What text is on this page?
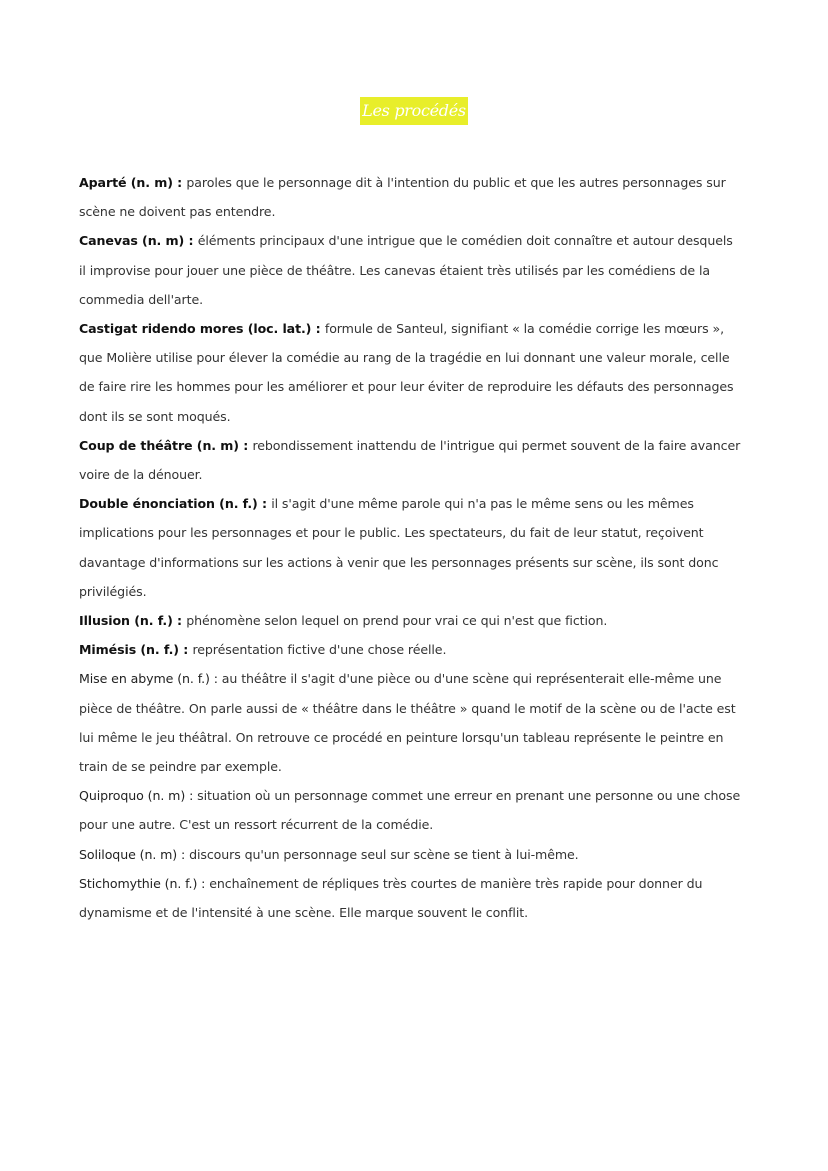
Les procédés

Aparté (n. m) : paroles que le personnage dit à l'intention du public et que les autres personnages sur scène ne doivent pas entendre.

Canevas (n. m) : éléments principaux d'une intrigue que le comédien doit connaître et autour desquels il improvise pour jouer une pièce de théâtre. Les canevas étaient très utilisés par les comédiens de la commedia dell'arte.

Castigat ridendo mores (loc. lat.) : formule de Santeul, signifiant « la comédie corrige les mœurs », que Molière utilise pour élever la comédie au rang de la tragédie en lui donnant une valeur morale, celle de faire rire les hommes pour les améliorer et pour leur éviter de reproduire les défauts des personnages dont ils se sont moqués.

Coup de théâtre (n. m) : rebondissement inattendu de l'intrigue qui permet souvent de la faire avancer voire de la dénouer.

Double énonciation (n. f.) : il s'agit d'une même parole qui n'a pas le même sens ou les mêmes implications pour les personnages et pour le public. Les spectateurs, du fait de leur statut, reçoivent davantage d'informations sur les actions à venir que les personnages présents sur scène, ils sont donc privilégiés.

Illusion (n. f.) : phénomène selon lequel on prend pour vrai ce qui n'est que fiction.

Mimésis (n. f.) : représentation fictive d'une chose réelle.

Mise en abyme (n. f.) : au théâtre il s'agit d'une pièce ou d'une scène qui représenterait elle-même une pièce de théâtre. On parle aussi de « théâtre dans le théâtre » quand le motif de la scène ou de l'acte est lui même le jeu théâtral. On retrouve ce procédé en peinture lorsqu'un tableau représente le peintre en train de se peindre par exemple.

Quiproquo (n. m) : situation où un personnage commet une erreur en prenant une personne ou une chose pour une autre. C'est un ressort récurrent de la comédie.

Soliloque (n. m) : discours qu'un personnage seul sur scène se tient à lui-même.

Stichomythie (n. f.) : enchaînement de répliques très courtes de manière très rapide pour donner du dynamisme et de l'intensité à une scène. Elle marque souvent le conflit.
